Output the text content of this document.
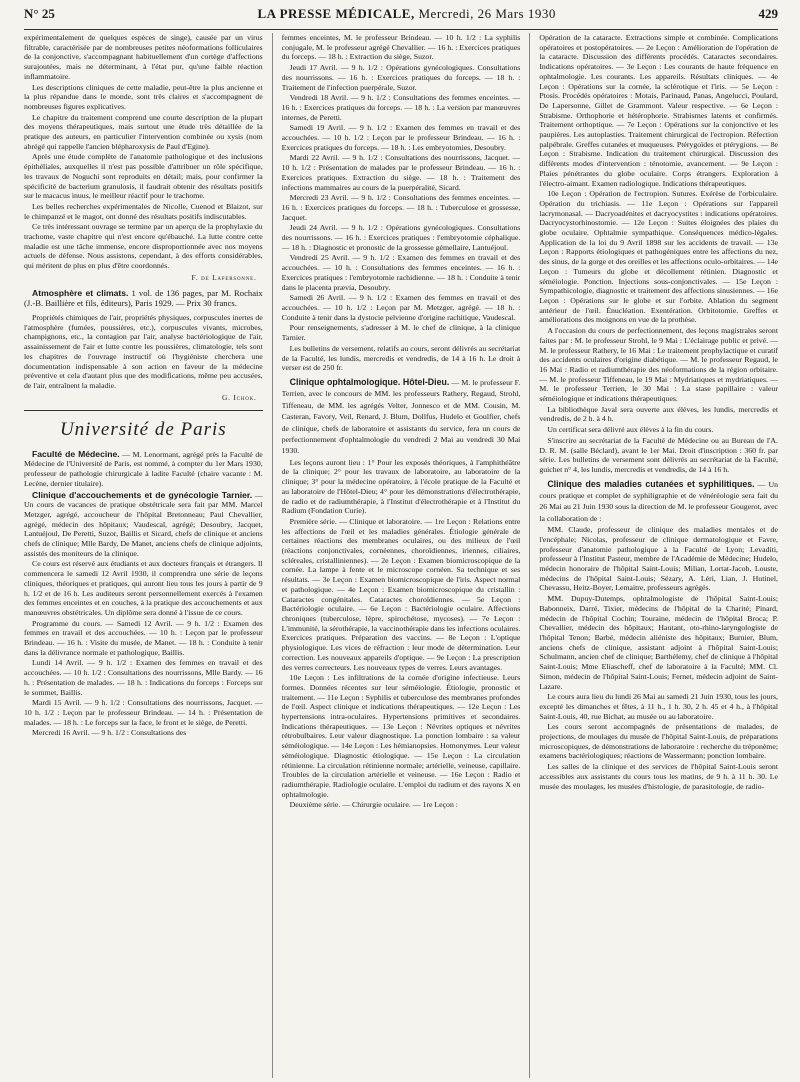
N° 25	LA PRESSE MÉDICALE, Mercredi, 26 Mars 1930	429

expérimentalement de quelques espèces de singe), causée par un virus filtrable, caractérisée par de nombreuses petites néoformations folliculaires de la conjonctive, s'accompagnant habituellement d'un cortège d'affections surajoutées, mais ne déterminant, à l'état pur, qu'une faible réaction inflammatoire.

Les descriptions cliniques de cette maladie, peut-être la plus ancienne et la plus répandue dans le monde, sont très claires et s'accompagnent de nombreuses figures explicatives.

Le chapitre du traitement comprend une courte description de la plupart des moyens thérapeutiques, mais surtout une étude très détaillée de la pratique des auteurs, en particulier l'intervention combinée ou xysis (nom abrégé qui rappelle l'ancien blépharoxysis de Paul d'Egine).

Après une étude complète de l'anatomie pathologique et des inclusions épithéliales, auxquelles il n'est pas possible d'attribuer un rôle spécifique, les travaux de Noguchi sont reproduits en détail; mais, pour confirmer la spécificité de bacterium granulosis, il faudrait obtenir des résultats positifs sur le macacus inuus, le meilleur réactif pour le trachome.

Les belles recherches expérimentales de Nicolle, Cuenod et Blaizot, sur le chimpanzé et le magot, ont donné des résultats positifs indiscutables.

Ce très intéressant ouvrage se termine par un aperçu de la prophylaxie du trachome, vaste chapitre qui n'est encore qu'ébauché. La lutte contre cette maladie est une tâche immense, encore disproportionnée avec nos moyens actuels de défense. Nous assistons, cependant, à des efforts considérables, qui méritent de plus en plus d'être coordonnés.

F. de Lapersonne.
Atmosphère et climats. 1 vol. de 136 pages, par M. Rochaix (J.-B. Baillière et fils, éditeurs), Paris 1929. — Prix 30 francs.

Propriétés chimiques de l'air, propriétés physiques, corpuscules inertes de l'atmosphère (fumées, poussières, etc.), corpuscules vivants, microbes, champignons, etc., la contagion par l'air, analyse bactériologique de l'air, assainissement de l'air et lutte contre les poussières, climatologie, tels sont les chapitres de l'ouvrage instructif où l'hygiéniste cherchera une documentation indispensable à son action en faveur de la médecine préventive et cela d'autant plus que des modifications, même peu accusées, de l'air, entraînent la maladie.

G. Ichok.
Université de Paris

Faculté de Médecine. — M. Lenormant, agrégé près la Faculté de Médecine de l'Université de Paris, est nommé, à compter du 1er Mars 1930, professeur de pathologie chirurgicale à ladite Faculté (chaire vacante : M. Lecène, dernier titulaire).

Clinique d'accouchements et de gynécologie Tarnier. — Un cours de vacances de pratique obstétricale sera fait par MM. Marcel Metzger, agrégé, accoucheur de l'hôpital Bretonneau; Paul Chevallier, agrégé, médecin des hôpitaux; Vaudescal, agrégé; Desoubry, Jacquet, Lantuéjoul, De Peretti, Suzor, Baillis et Sicard, chefs de clinique et anciens chefs de clinique; Mlle Bardy, De Manet, anciens chefs de clinique adjoints, assistés des moniteurs de la clinique.

Ce cours est réservé aux étudiants et aux docteurs français et étrangers. Il commencera le samedi 12 Avril 1930, il comprendra une série de leçons cliniques, théoriques et pratiques, qui auront lieu tous les jours à partir de 9 h. 1/2 et de 16 h. Les auditeurs seront personnellement exercés à l'examen des femmes enceintes et en couches, à la pratique des accouchements et aux manœuvres obstétricales. Un diplôme sera donné à l'issue de ce cours.

Programme du cours. — Samedi 12 Avril. — 9 h. 1/2 : Examen des femmes en travail et des accouchées. — 10 h. : Leçon par le professeur Brindeau. — 16 h. : Visite du musée, de Manet. — 18 h. : Conduite à tenir dans la délivrance normale et pathologique, Baillis.

Lundi 14 Avril. — 9 h. 1/2 : Examen des femmes en travail et des accouchées. — 10 h. 1/2 : Consultations des nourrissons, Mlle Bardy. — 16 h. : Présentation de malades. — 18 h. : Indications du forceps : Forceps sur le sommet, Baillis.

Mardi 15 Avril. — 9 h. 1/2 : Consultations des nourrissons, Jacquet. — 10 h. 1/2 : Leçon par le professeur Brindeau. — 14 h. : Présentation de malades. — 18 h. : Le forceps sur la face, le front et le siège, de Peretti.

Mercredi 16 Avril. — 9 h. 1/2 : Consultations des

femmes enceintes, M. le professeur Brindeau. — 10 h. 1/2 : La syphilis conjugale, M. le professeur agrégé Chevallier. — 16 h. : Exercices pratiques du forceps. — 18 h. : Extraction du siège, Suzor.

Jeudi 17 Avril. — 9 h. 1/2 : Opérations gynécologiques. Consultations des nourrissons. — 16 h. : Exercices pratiques du forceps. — 18 h. : Traitement de l'infection puerpérale, Suzor.

Vendredi 18 Avril. — 9 h. 1/2 : Consultations des femmes enceintes. — 16 h. : Exercices pratiques du forceps. — 18 h. : La version par manœuvres internes, de Peretti.

Samedi 19 Avril. — 9 h. 1/2 : Examen des femmes en travail et des accouchées. — 10 h. 1/2 : Leçon par le professeur Brindeau. — 16 h. : Exercices pratiques du forceps. — 18 h. : Les embryotomies, Desoubry.

Mardi 22 Avril. — 9 h. 1/2 : Consultations des nourrissons, Jacquet. — 10 h. 1/2 : Présentation de malades par le professeur Brindeau. — 16 h. : Exercices pratiques. Extraction du siège. — 18 h. : Traitement des infections mammaires au cours de la puerpéralité, Sicard.

Mercredi 23 Avril. — 9 h. 1/2 : Consultations des femmes enceintes. — 16 h. : Exercices pratiques du forceps. — 18 h. : Tuberculose et grossesse, Jacquet.

Jeudi 24 Avril. — 9 h. 1/2 : Opérations gynécologiques. Consultations des nourrissons. — 16 h. : Exercices pratiques : l'embryotomie céphalique. — 18 h. : Diagnostic et pronostic de la grossesse gémellaire, Lantuéjoul.

Vendredi 25 Avril. — 9 h. 1/2 : Examen des femmes en travail et des accouchées. — 10 h. : Consultations des femmes enceintes. — 16 h. : Exercices pratiques : l'embryotomie rachidienne. — 18 h. : Conduite à tenir dans le placenta prævia, Desoubry.

Samedi 26 Avril. — 9 h. 1/2 : Examen des femmes en travail et des accouchées. — 10 h. 1/2 : Leçon par M. Metzger, agrégé. — 18 h. : Conduite à tenir dans la dystocie pelvienne d'origine rachitique, Vaudescal.

Pour renseignements, s'adresser à M. le chef de clinique, à la clinique Tarnier.

Les bulletins de versement, relatifs au cours, seront délivrés au secrétariat de la Faculté, les lundis, mercredis et vendredis, de 14 à 16 h. Le droit à verser est de 250 fr.

Clinique ophtalmologique. Hôtel-Dieu. — M. le professeur F. Terrien, avec le concours de MM. les professeurs Rathery, Regaud, Strohl, Tiffeneau, de MM. les agrégés Velter, Jonnesco et de MM. Cousin, M. Casteran, Favory, Veil, Renard, J. Blum, Dollfus, Hudelo et Goulfier, chefs de clinique, chefs de laboratoire et assistants du service, fera un cours de perfectionnement d'ophtalmologie du vendredi 2 Mai au vendredi 30 Mai 1930.

Les leçons auront lieu : 1° Pour les exposés théoriques, à l'amphithéâtre de la clinique; 2° pour les travaux de laboratoire, au laboratoire de la clinique; 3° pour la médecine opératoire, à l'école pratique de la Faculté et au laboratoire de l'Hôtel-Dieu; 4° pour les démonstrations d'électrothérapie, de radio et de radiumthérapie, à l'Institut d'électrothérapie et à l'Institut du Radium (Fondation Curie).

Première série. — Clinique et laboratoire. — 1re Leçon : Relations entre les affections de l'œil et les maladies générales. Étiologie générale de certaines réactions des membranes oculaires, ou des milieux de l'œil (réactions conjonctivales, cornéennes, choroïdiennes, iriennes, ciliaires, scléreales, cristalliniennes). — 2e Leçon : Examen biomicroscopique de la cornée. La lampe à fente et le microscope cornéen. Sa technique et ses résultats. — 3e Leçon : Examen biomicroscopique de l'iris. Aspect normal et pathologique. — 4e Leçon : Examen biomicroscopique du cristallin : Cataractes congénitales. Cataractes choroïdiennes. — 5e Leçon : Bactériologie oculaire. — 6e Leçon : Bactériologie oculaire. Affections chroniques (tuberculose, lèpre, spirochétose, mycoses). — 7e Leçon : L'immunité, la sérothérapie, la vaccinothérapie dans les infections oculaires. Exercices pratiques. Préparation des vaccins. — 8e Leçon : L'optique physiologique. Les vices de réfraction : leur mode de détermination. Leur correction. Les nouveaux appareils d'optique. — 9e Leçon : La prescription des verres correcteurs. Les nouveaux types de verres. Leurs avantages.

10e Leçon : Les infiltrations de la cornée d'origine infectieuse. Leurs formes. Données récentes sur leur séméiologie. Étiologie, pronostic et traitement. — 11e Leçon : Syphilis et tuberculose des membranes profondes de l'œil. Aspect clinique et indications thérapeutiques. — 12e Leçon : Les hypertensions intra-oculaires. Hypertensions primitives et secondaires. Indications thérapeutiques. — 13e Leçon : Névrites optiques et névrites rétrobulbaires. Leur valeur diagnostique. La ponction lombaire : sa valeur séméiologique. — 14e Leçon : Les hémianopsies. Homonymes. Leur valeur séméiologique. Diagnostic étiologique. — 15e Leçon : La circulation rétinienne. La circulation rétinienne normale; artérielle, veineuse, capillaire. Troubles de la circulation artérielle et veineuse. — 16e Leçon : Radio et radiumthérapie. Radiologie oculaire. L'emploi du radium et des rayons X en ophtalmologie.

Deuxième série. — Chirurgie oculaire. — 1re Leçon :

Opération de la cataracte. Extractions simple et combinée. Complications opératoires et postopératoires. — 2e Leçon : Amélioration de l'opération de la cataracte. Discussion des différents procédés. Cataractes secondaires. Indications opératoires. — 3e Leçon : Les courants de haute fréquence en ophtalmologie. Les courants. Les appareils. Résultats cliniques. — 4e Leçon : Opérations sur la cornée, la sclérotique et l'iris. — 5e Leçon : Ptosis. Procédés opératoires : Motais, Parinaud, Panas, Angelucci, Poulard, De Lapersonne, Gillet de Grammont. Valeur respective. — 6e Leçon : Strabisme. Orthophorie et hétérophorie. Strabismes latents et confirmés. Traitement orthoptique. — 7e Leçon : Opérations sur la conjonctive et les paupières. Les autoplasties. Traitement chirurgical de l'ectropion. Réfection palpébrale. Greffes cutanées et muqueuses. Ptérygoïdes et ptérygions. — 8e Leçon : Strabisme. Indication du traitement chirurgical. Discussion des différents modes d'intervention : ténotomie, avancement. — 9e Leçon : Plaies pénétrantes du globe oculaire. Corps étrangers. Exploration à l'électro-aimant. Examen radiologique. Indications thérapeutiques.

10e Leçon : Opération de l'ectropion. Sutures. Exérèse de l'orbiculaire. Opération du trichiasis. — 11e Leçon : Opérations sur l'appareil lacrymonasal. — Dacryoadénites et dacryocystites : indications opératoires. Dacryocystorhinostomie. — 12e Leçon : Suites éloignées des plaies du globe oculaire. Ophtalmie sympathique. Conséquences médico-légales. Application de la loi du 9 Avril 1898 sur les accidents de travail. — 13e Leçon : Rapports étiologiques et pathogéniques entre les affections du nez, des sinus, de la gorge et des oreilles et les affections oculo-orbitaires. — 14e Leçon : Tumeurs du globe et décollement rétinien. Diagnostic et séméiologie. Ponction. Injections sous-conjonctivales. — 15e Leçon : Sympathicologie, diagnostic et traitement des affections sinusiennes. — 16e Leçon : Opérations sur le globe et sur l'orbite. Ablation du segment antérieur de l'œil. Énucléation. Exentération. Orbitotomie. Greffes et améliorations des moignons en vue de la prothèse.

A l'occasion du cours de perfectionnement, des leçons magistrales seront faites par : M. le professeur Strohl, le 9 Mai : L'éclairage public et privé. — M. le professeur Rathery, le 16 Mai : Le traitement prophylactique et curatif des accidents oculaires d'origine diabétique. — M. le professeur Regaud, le 16 Mai : Radio et radiumthérapie des néoformations de la région orbitaire. — M. le professeur Tiffeneau, le 19 Mai : Mydriatiques et mydriatiques. — M. le professeur Terrien, le 30 Mai : La stase papillaire : valeur séméiologique et indications thérapeutiques.

La bibliothèque Javal sera ouverte aux élèves, les lundis, mercredis et vendredis, de 2 h. à 4 h.

Un certificat sera délivré aux élèves à la fin du cours.

S'inscrire au secrétariat de la Faculté de Médecine ou au Bureau de l'A. D. R. M. (salle Béclard), avant le 1er Mai. Droit d'inscription : 360 fr. par série. Les bulletins de versement sont délivrés au secrétariat de la Faculté, guichet n° 4, les lundis, mercredis et vendredis, de 14 à 16 h.

Clinique des maladies cutanées et syphilitiques. — Un cours pratique et complet de syphiligraphie et de vénéréologie sera fait du 26 Mai au 21 Juin 1930 sous la direction de M. le professeur Gougerot, avec la collaboration de :

MM. Claude, professeur de clinique des maladies mentales et de l'encéphale; Nicolas, professeur de clinique dermatologique et Favre, professeur d'anatomie pathologique à la Faculté de Lyon; Levaditi, professeur à l'Institut Pasteur, membre de l'Académie de Médecine; Hudelo, médecin honoraire de l'hôpital Saint-Louis; Milian, Lortat-Jacob, Louste, médecins de l'hôpital Saint-Louis; Sézary, A. Léri, Lian, J. Hutinel, Chevassu, Heitz-Boyer, Lemaitre, professeurs agrégés.

MM. Dupuy-Dutemps, ophtalmologiste de l'hôpital Saint-Louis; Babonneix, Darré, Tixier, médecins de l'hôpital de la Charité; Pinard, médecin de l'hôpital Cochin; Touraine, médecin de l'hôpital Broca; P. Chevallier, médecin des hôpitaux; Hautant, oto-rhino-laryngologiste de l'hôpital Tenon; Barbé, médecin aliéniste des hôpitaux; Burnier, Blum, anciens chefs de clinique, assistant adjoint à l'hôpital Saint-Louis; Schulmann, ancien chef de clinique; Barthélemy, chef de clinique à l'hôpital Saint-Louis; Mme Eliascheff, chef de laboratoire à la Faculté; MM. Cl. Simon, médecin de l'hôpital Saint-Louis; Fernet, médecin adjoint de Saint-Lazare.

Le cours aura lieu du lundi 26 Mai au samedi 21 Juin 1930, tous les jours, excepté les dimanches et fêtes, à 11 h., 1 h. 30, 2 h. 45 et 4 h., à l'hôpital Saint-Louis, 40, rue Bichat, au musée ou au laboratoire.

Les cours seront accompagnés de présentations de malades, de projections, de moulages du musée de l'hôpital Saint-Louis, de préparations microscopiques, de démonstrations de laboratoire : recherche du tréponème; examens bactériologiques; réactions de Wassermann; ponction lombaire.

Les salles de la clinique et des services de l'hôpital Saint-Louis seront accessibles aux assistants du cours tous les matins, de 9 h. à 11 h. 30. Le musée des moulages, les musées d'histologie, de parasitologie, de radio-
